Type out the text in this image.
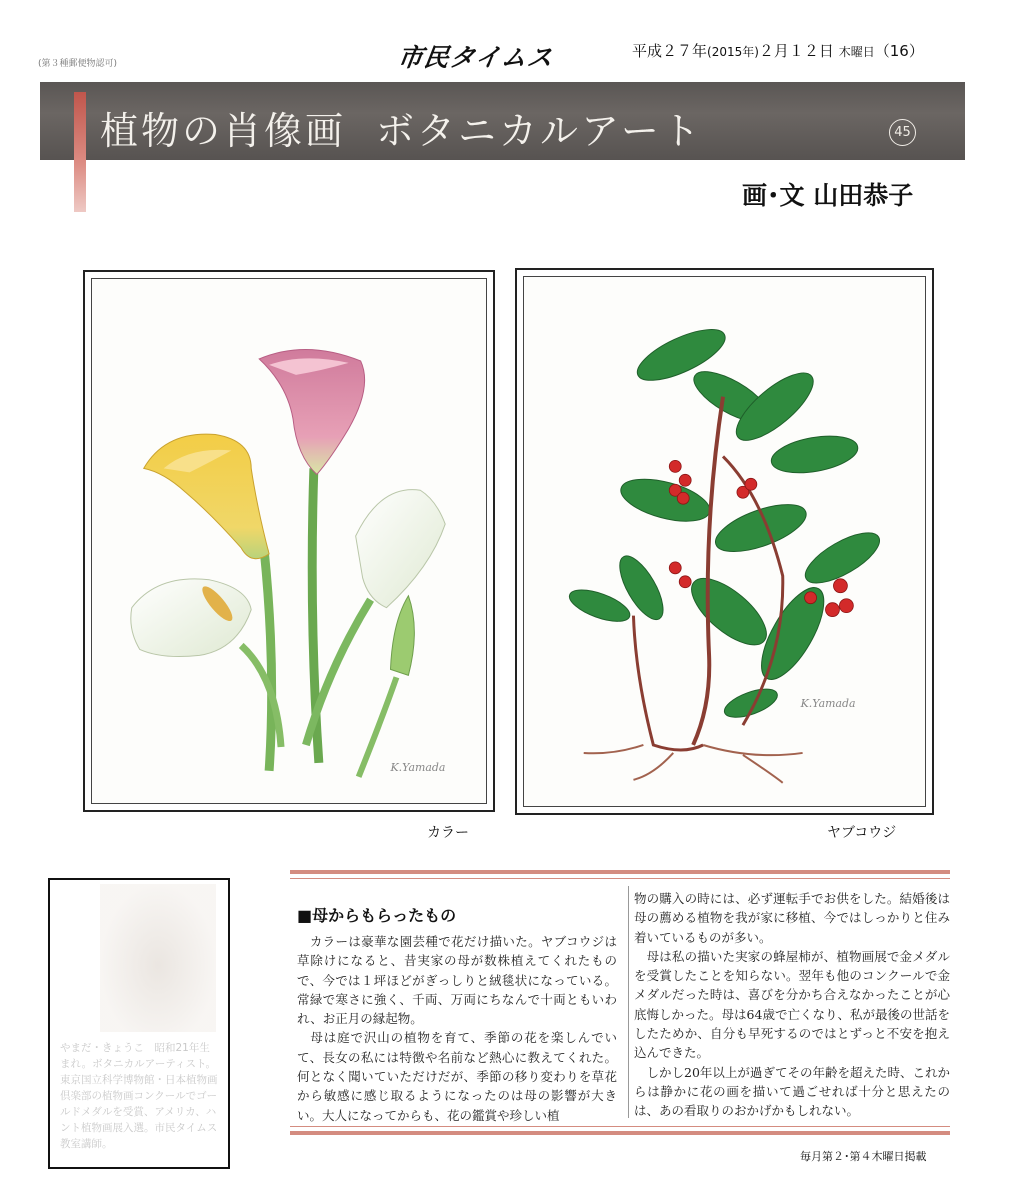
(第３種郵便物認可)	市民タイムス	平成２７年(2015年)２月１２日 木曜日（16）
植物の肖像画 ボタニカルアート	45
画･文 山田恭子
K.Yamada
カラー
K.Yamada
ヤブコウジ
■母からもらったもの
　カラーは豪華な園芸種で花だけ描いた。ヤブコウジは草除けになると、昔実家の母が数株植えてくれたもので、今では１坪ほどがぎっしりと絨毯状になっている。常緑で寒さに強く、千両、万両にちなんで十両ともいわれ、お正月の縁起物。
　母は庭で沢山の植物を育て、季節の花を楽しんでいて、長女の私には特徴や名前など熱心に教えてくれた。何となく聞いていただけだが、季節の移り変わりを草花から敏感に感じ取るようになったのは母の影響が大きい。大人になってからも、花の鑑賞や珍しい植
物の購入の時には、必ず運転手でお供をした。結婚後は母の薦める植物を我が家に移植、今ではしっかりと住み着いているものが多い。
　母は私の描いた実家の蜂屋柿が、植物画展で金メダルを受賞したことを知らない。翌年も他のコンクールで金メダルだった時は、喜びを分かち合えなかったことが心底悔しかった。母は64歳で亡くなり、私が最後の世話をしたためか、自分も早死するのではとずっと不安を抱え込んできた。
　しかし20年以上が過ぎてその年齢を超えた時、これからは静かに花の画を描いて過ごせれば十分と思えたのは、あの看取りのおかげかもしれない。
毎月第２･第４木曜日掲載
やまだ・きょうこ　昭和21年生まれ。ボタニカルアーティスト。東京国立科学博物館・日本植物画倶楽部の植物画コンクールでゴールドメダルを受賞、アメリカ、ハント植物画展入選。市民タイムス教室講師。
